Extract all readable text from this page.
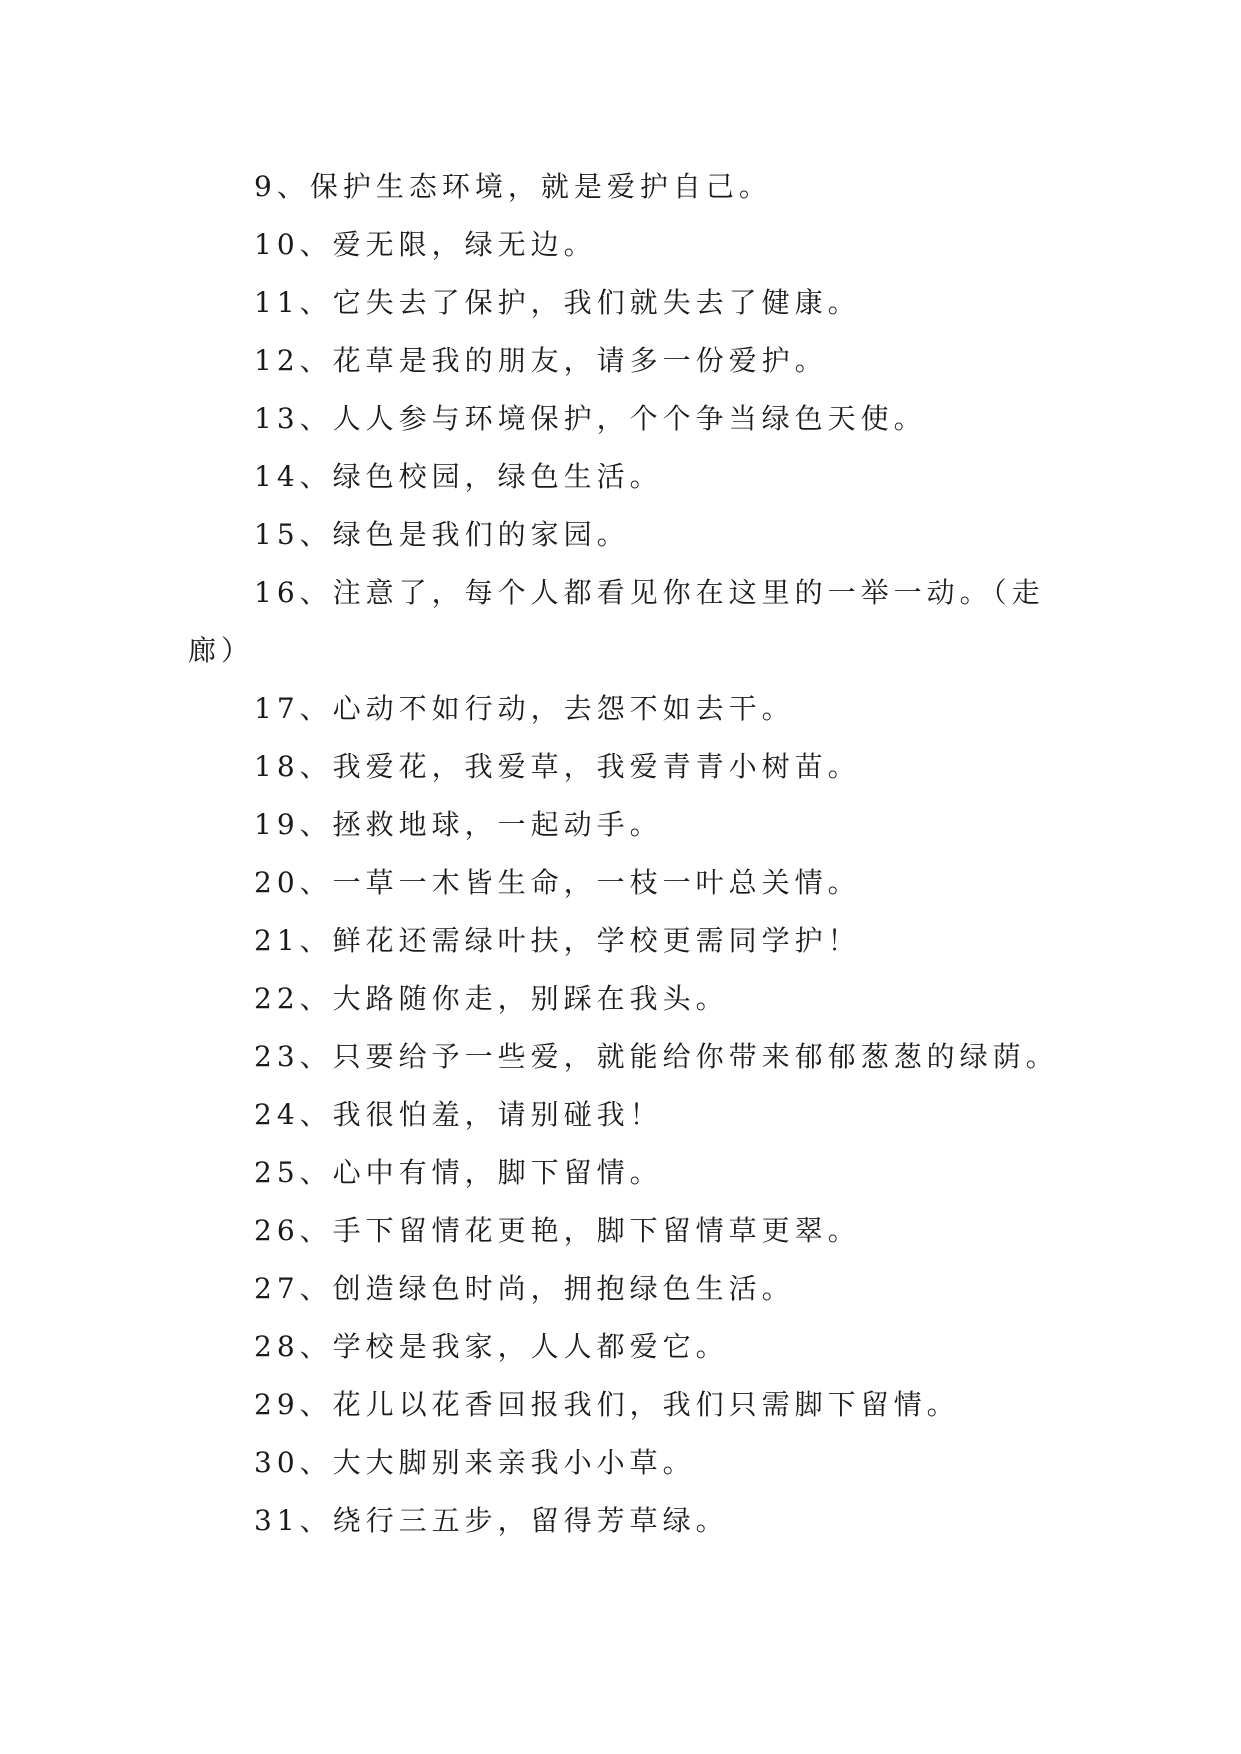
9、保护生态环境，就是爱护自己。
10、爱无限，绿无边。
11、它失去了保护，我们就失去了健康。
12、花草是我的朋友，请多一份爱护。
13、人人参与环境保护，个个争当绿色天使。
14、绿色校园，绿色生活。
15、绿色是我们的家园。
16、注意了，每个人都看见你在这里的一举一动。（走
廊）
17、心动不如行动，去怨不如去干。
18、我爱花，我爱草，我爱青青小树苗。
19、拯救地球，一起动手。
20、一草一木皆生命，一枝一叶总关情。
21、鲜花还需绿叶扶，学校更需同学护！
22、大路随你走，别踩在我头。
23、只要给予一些爱，就能给你带来郁郁葱葱的绿荫。
24、我很怕羞，请别碰我！
25、心中有情，脚下留情。
26、手下留情花更艳，脚下留情草更翠。
27、创造绿色时尚，拥抱绿色生活。
28、学校是我家，人人都爱它。
29、花儿以花香回报我们，我们只需脚下留情。
30、大大脚别来亲我小小草。
31、绕行三五步，留得芳草绿。
